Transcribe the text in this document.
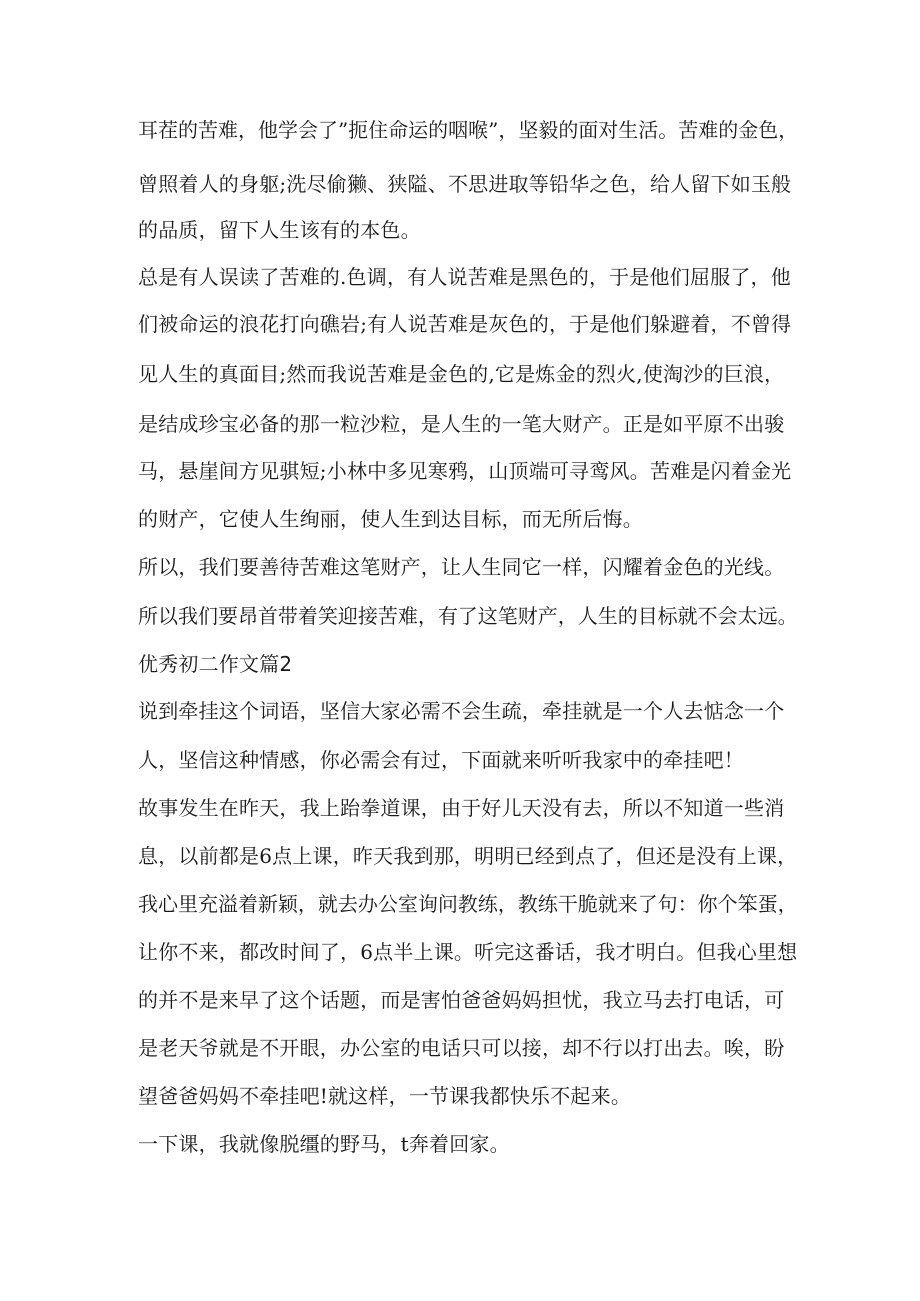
耳茬的苦难，他学会了”扼住命运的咽喉”，坚毅的面对生活。苦难的金色，
曾照着人的身躯;洗尽偷獭、狭隘、不思进取等铅华之色，给人留下如玉般
的品质，留下人生该有的本色。
总是有人误读了苦难的.色调，有人说苦难是黑色的，于是他们屈服了，他
们被命运的浪花打向礁岩;有人说苦难是灰色的，于是他们躲避着，不曾得
见人生的真面目;然而我说苦难是金色的,它是炼金的烈火,使淘沙的巨浪，
是结成珍宝必备的那一粒沙粒，是人生的一笔大财产。正是如平原不出骏
马，悬崖间方见骐短;小林中多见寒鸦，山顶端可寻鸾风。苦难是闪着金光
的财产，它使人生绚丽，使人生到达目标，而无所后悔。
所以，我们要善待苦难这笔财产，让人生同它一样，闪耀着金色的光线。
所以我们要昂首带着笑迎接苦难，有了这笔财产，人生的目标就不会太远。
优秀初二作文篇2
说到牵挂这个词语，坚信大家必需不会生疏，牵挂就是一个人去惦念一个
人，坚信这种情感，你必需会有过，下面就来听听我家中的牵挂吧！
故事发生在昨天，我上跆拳道课，由于好儿天没有去，所以不知道一些消
息，以前都是6点上课，昨天我到那，明明已经到点了，但还是没有上课，
我心里充溢着新颖，就去办公室询问教练，教练干脆就来了句：你个笨蛋，
让你不来，都改时间了，6点半上课。听完这番话，我才明白。但我心里想
的并不是来早了这个话题，而是害怕爸爸妈妈担忧，我立马去打电话，可
是老天爷就是不开眼，办公室的电话只可以接，却不行以打出去。唉，盼
望爸爸妈妈不牵挂吧!就这样，一节课我都快乐不起来。
一下课，我就像脱缰的野马，t奔着回家。
